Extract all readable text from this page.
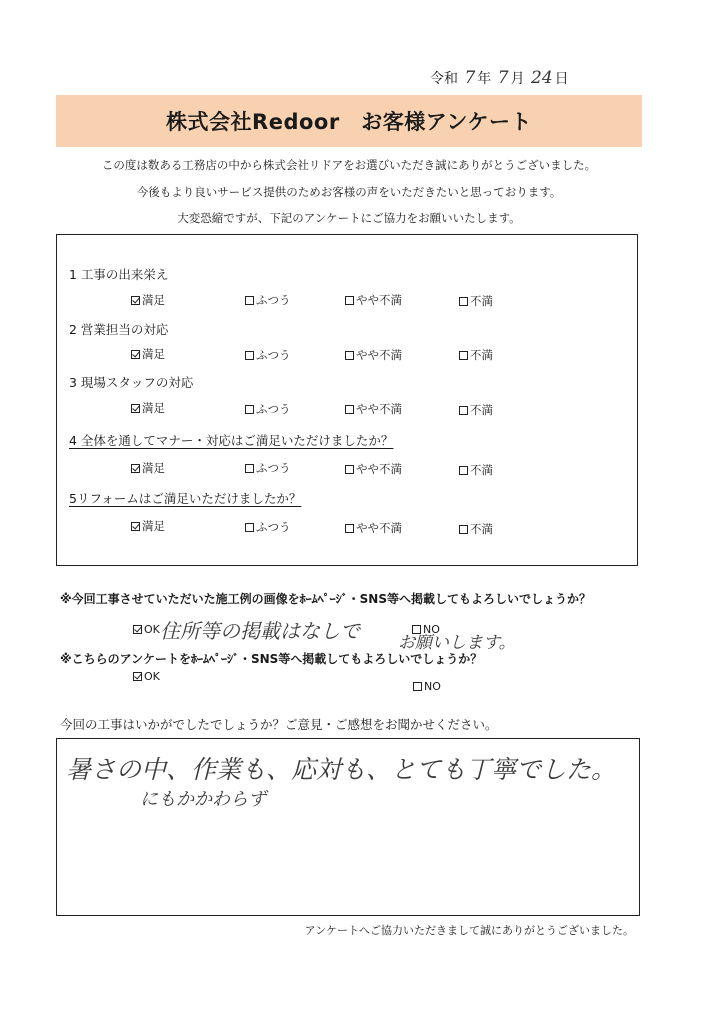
令和 7 年 7 月 24 日
株式会社Redoor　お客様アンケート
この度は数ある工務店の中から株式会社リドアをお選びいただき誠にありがとうございました。
今後もより良いサービス提供のためお客様の声をいただきたいと思っております。
大変恐縮ですが、下記のアンケートにご協力をお願いいたします。
1 工事の出来栄え
満足	ふつう	やや不満	不満
2 営業担当の対応
満足	ふつう	やや不満	不満
3 現場スタッフの対応
満足	ふつう	やや不満	不満
4 全体を通してマナー・対応はご満足いただけましたか？
満足	ふつう	やや不満	不満
5リフォームはご満足いただけましたか？
満足	ふつう	やや不満	不満
※今回工事させていただいた施工例の画像をﾎｰﾑﾍﾟｰｼﾞ・SNS等へ掲載してもよろしいでしょうか？
OK 住所等の掲載はなしで	NO
お願いします。
※こちらのアンケートをﾎｰﾑﾍﾟｰｼﾞ・SNS等へ掲載してもよろしいでしょうか？
OK
NO
今回の工事はいかがでしたでしょうか？ご意見・ご感想をお聞かせください。
暑さの中、作業も、応対も、とても丁寧でした。
にもかかわらず
アンケートへご協力いただきまして誠にありがとうございました。
